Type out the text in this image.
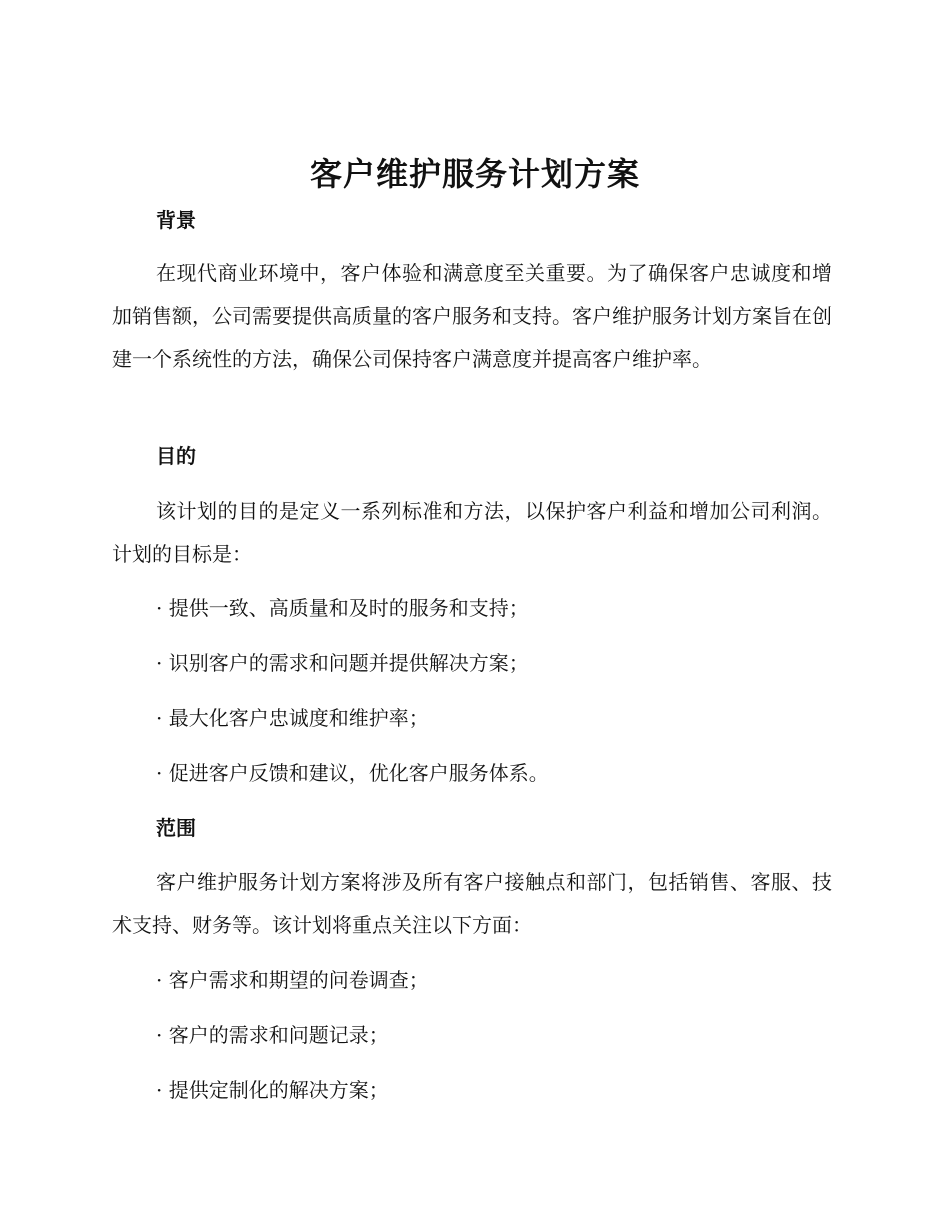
客户维护服务计划方案
背景

在现代商业环境中，客户体验和满意度至关重要。为了确保客户忠诚度和增加销售额，公司需要提供高质量的客户服务和支持。客户维护服务计划方案旨在创建一个系统性的方法，确保公司保持客户满意度并提高客户维护率。

目的

该计划的目的是定义一系列标准和方法，以保护客户利益和增加公司利润。计划的目标是：

· 提供一致、高质量和及时的服务和支持；
· 识别客户的需求和问题并提供解决方案；
· 最大化客户忠诚度和维护率；
· 促进客户反馈和建议，优化客户服务体系。
范围

客户维护服务计划方案将涉及所有客户接触点和部门，包括销售、客服、技术支持、财务等。该计划将重点关注以下方面：

· 客户需求和期望的问卷调查；
· 客户的需求和问题记录；
· 提供定制化的解决方案；
